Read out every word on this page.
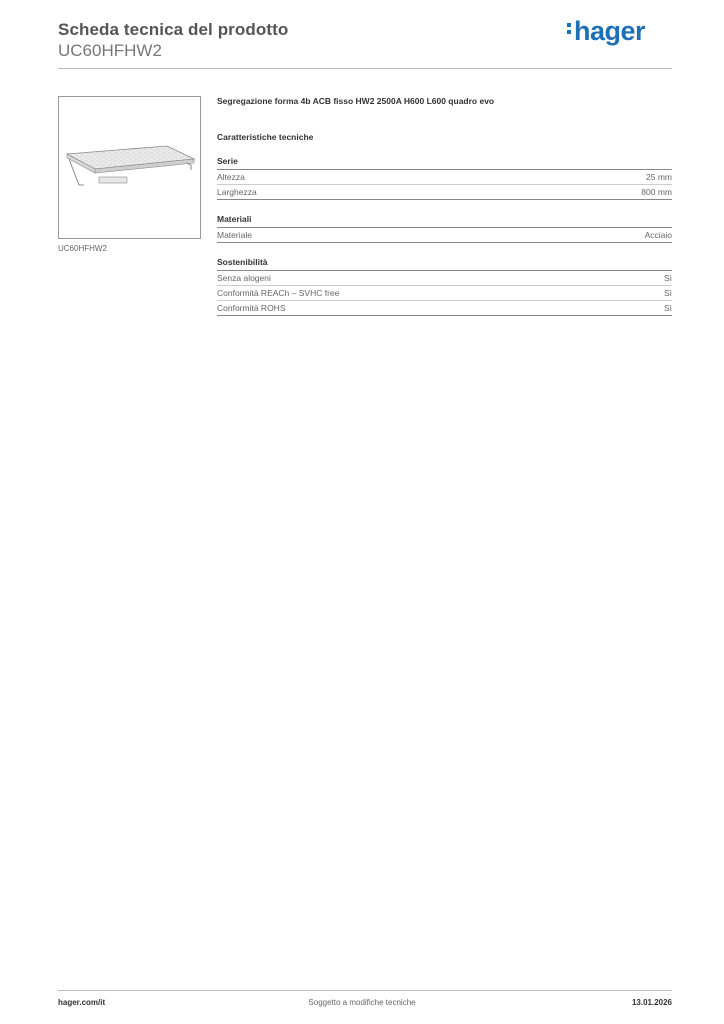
Scheda tecnica del prodotto
UC60HFHW2
hager
UC60HFHW2
Segregazione forma 4b ACB fisso HW2 2500A H600 L600 quadro evo
Caratteristiche tecniche
Serie
Altezza	25 mm
Larghezza	800 mm
Materiali
Materiale	Acciaio
Sostenibilità
Senza alogeni	Sì
Conformità REACh – SVHC free	Sì
Conformità ROHS	Sì
hager.com/it	Soggetto a modifiche tecniche	13.01.2026
